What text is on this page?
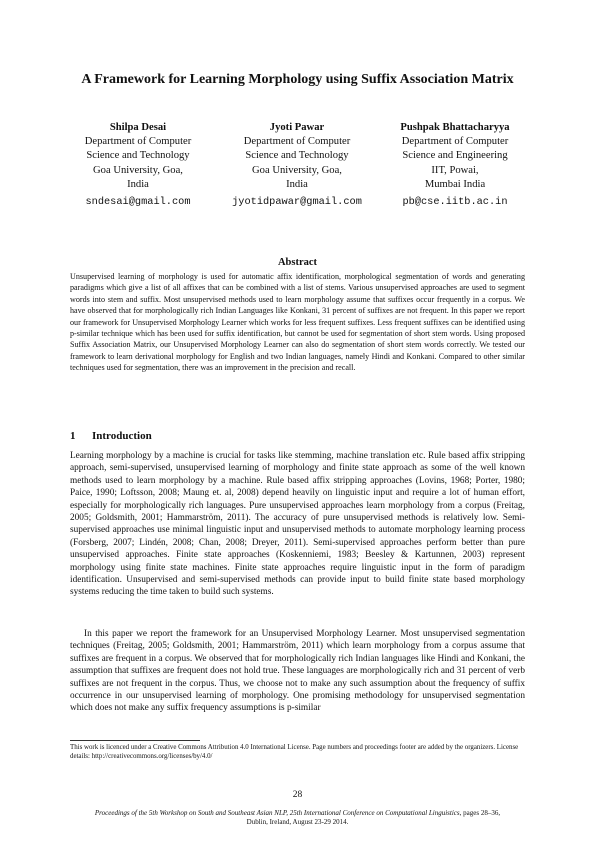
A Framework for Learning Morphology using Suffix Association Matrix
Shilpa Desai
Department of Computer
Science and Technology
Goa University, Goa,
India
sndesai@gmail.com
Jyoti Pawar
Department of Computer
Science and Technology
Goa University, Goa,
India
jyotidpawar@gmail.com
Pushpak Bhattacharyya
Department of Computer
Science and Engineering
IIT, Powai,
Mumbai India
pb@cse.iitb.ac.in
Abstract
Unsupervised learning of morphology is used for automatic affix identification, morphological segmentation of words and generating paradigms which give a list of all affixes that can be combined with a list of stems. Various unsupervised approaches are used to segment words into stem and suffix. Most unsupervised methods used to learn morphology assume that suffixes occur frequently in a corpus. We have observed that for morphologically rich Indian Languages like Konkani, 31 percent of suffixes are not frequent. In this paper we report our framework for Unsupervised Morphology Learner which works for less frequent suffixes. Less frequent suffixes can be identified using p-similar technique which has been used for suffix identification, but cannot be used for segmentation of short stem words. Using proposed Suffix Association Matrix, our Unsupervised Morphology Learner can also do segmentation of short stem words correctly. We tested our framework to learn derivational morphology for English and two Indian languages, namely Hindi and Konkani. Compared to other similar techniques used for segmentation, there was an improvement in the precision and recall.
1 Introduction
Learning morphology by a machine is crucial for tasks like stemming, machine translation etc. Rule based affix stripping approach, semi-supervised, unsupervised learning of morphology and finite state approach as some of the well known methods used to learn morphology by a machine. Rule based affix stripping approaches (Lovins, 1968; Porter, 1980; Paice, 1990; Loftsson, 2008; Maung et. al, 2008) depend heavily on linguistic input and require a lot of human effort, especially for morphologically rich languages. Pure unsupervised approaches learn morphology from a corpus (Freitag, 2005; Goldsmith, 2001; Hammarström, 2011). The accuracy of pure unsupervised methods is relatively low. Semi-supervised approaches use minimal linguistic input and unsupervised methods to automate morphology learning process (Forsberg, 2007; Lindén, 2008; Chan, 2008; Dreyer, 2011). Semi-supervised approaches perform better than pure unsupervised approaches. Finite state approaches (Koskenniemi, 1983; Beesley & Kartunnen, 2003) represent morphology using finite state machines. Finite state approaches require linguistic input in the form of paradigm identification. Unsupervised and semi-supervised methods can provide input to build finite state based morphology systems reducing the time taken to build such systems.
In this paper we report the framework for an Unsupervised Morphology Learner. Most unsupervised segmentation techniques (Freitag, 2005; Goldsmith, 2001; Hammarström, 2011) which learn morphology from a corpus assume that suffixes are frequent in a corpus. We observed that for morphologically rich Indian languages like Hindi and Konkani, the assumption that suffixes are frequent does not hold true. These languages are morphologically rich and 31 percent of verb suffixes are not frequent in the corpus. Thus, we choose not to make any such assumption about the frequency of suffix occurrence in our unsupervised learning of morphology. One promising methodology for unsupervised segmentation which does not make any suffix frequency assumptions is p-similar
This work is licenced under a Creative Commons Attribution 4.0 International License. Page numbers and proceedings footer are added by the organizers. License details: http://creativecommons.org/licenses/by/4.0/
28
Proceedings of the 5th Workshop on South and Southeast Asian NLP, 25th International Conference on Computational Linguistics, pages 28–36,
Dublin, Ireland, August 23-29 2014.
